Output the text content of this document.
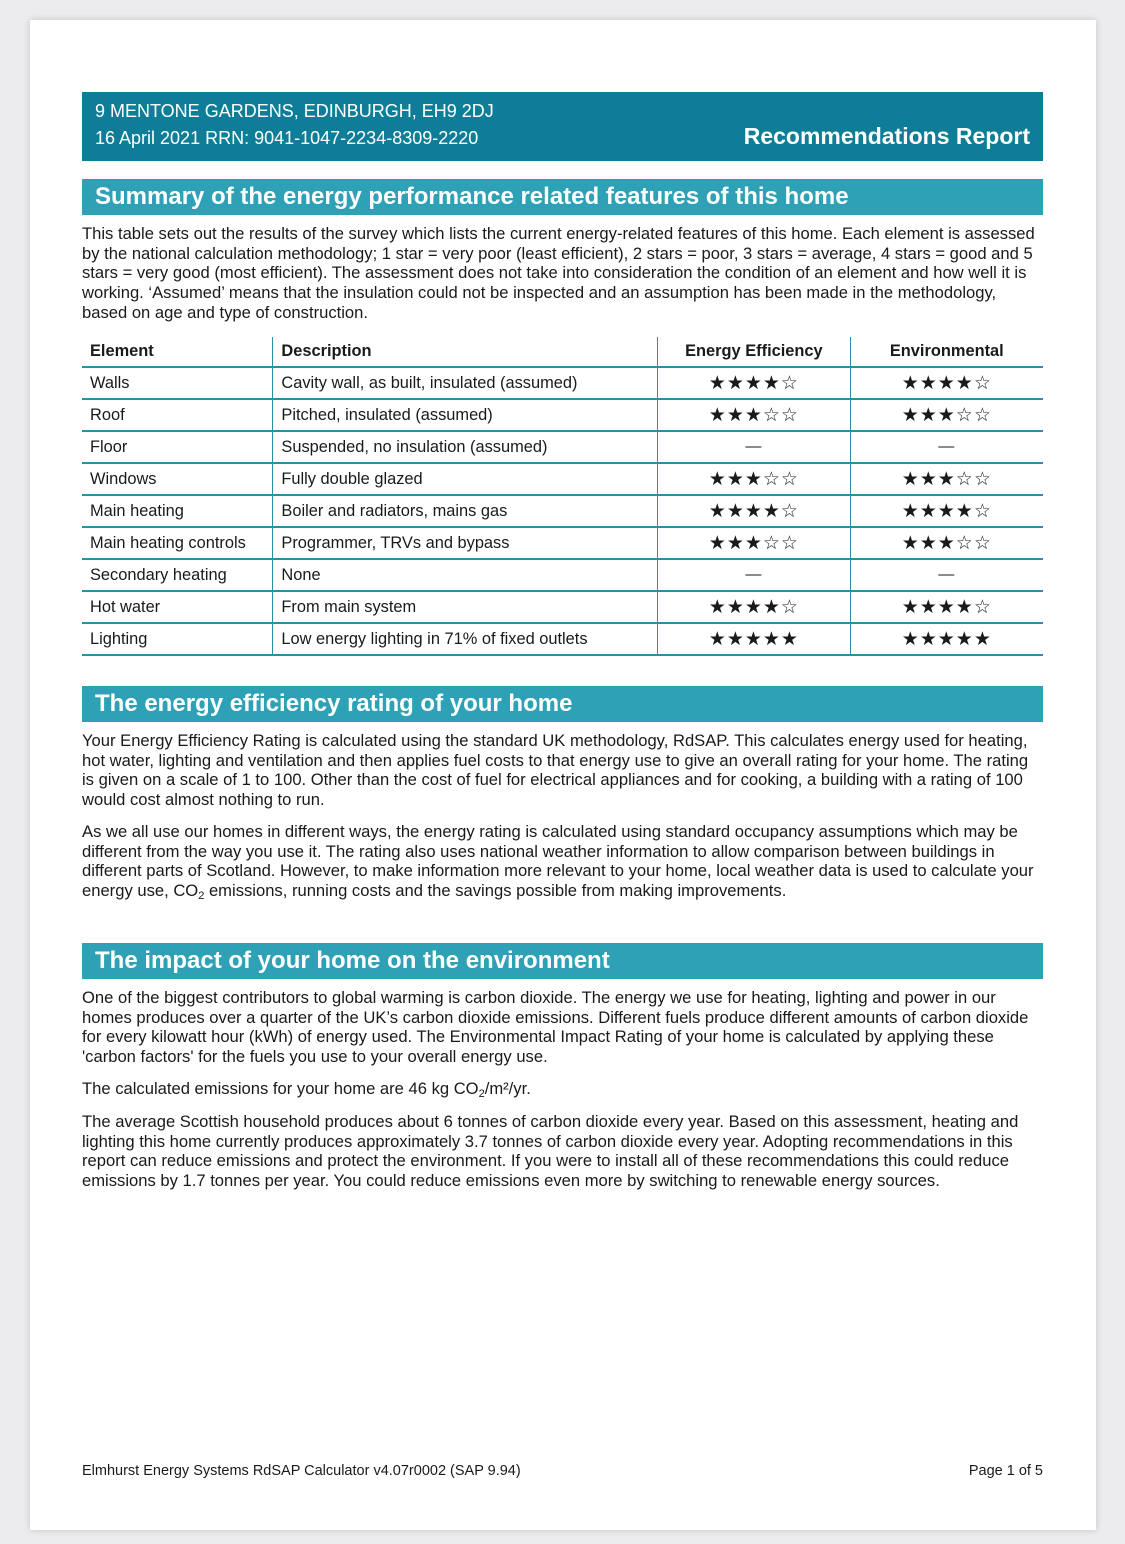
9 MENTONE GARDENS, EDINBURGH, EH9 2DJ
16 April 2021 RRN: 9041-1047-2234-8309-2220	Recommendations Report
Summary of the energy performance related features of this home

This table sets out the results of the survey which lists the current energy-related features of this home. Each element is assessed by the national calculation methodology; 1 star = very poor (least efficient), 2 stars = poor, 3 stars = average, 4 stars = good and 5 stars = very good (most efficient). The assessment does not take into consideration the condition of an element and how well it is working. ‘Assumed’ means that the insulation could not be inspected and an assumption has been made in the methodology, based on age and type of construction.

Element	Description	Energy Efficiency	Environmental
Walls	Cavity wall, as built, insulated (assumed)	★★★★☆	★★★★☆
Roof	Pitched, insulated (assumed)	★★★☆☆	★★★☆☆
Floor	Suspended, no insulation (assumed)	—	—
Windows	Fully double glazed	★★★☆☆	★★★☆☆
Main heating	Boiler and radiators, mains gas	★★★★☆	★★★★☆
Main heating controls	Programmer, TRVs and bypass	★★★☆☆	★★★☆☆
Secondary heating	None	—	—
Hot water	From main system	★★★★☆	★★★★☆
Lighting	Low energy lighting in 71% of fixed outlets	★★★★★	★★★★★
The energy efficiency rating of your home

Your Energy Efficiency Rating is calculated using the standard UK methodology, RdSAP. This calculates energy used for heating, hot water, lighting and ventilation and then applies fuel costs to that energy use to give an overall rating for your home. The rating is given on a scale of 1 to 100. Other than the cost of fuel for electrical appliances and for cooking, a building with a rating of 100 would cost almost nothing to run.

As we all use our homes in different ways, the energy rating is calculated using standard occupancy assumptions which may be different from the way you use it. The rating also uses national weather information to allow comparison between buildings in different parts of Scotland. However, to make information more relevant to your home, local weather data is used to calculate your energy use, $CO_2$ emissions, running costs and the savings possible from making improvements.

The impact of your home on the environment

One of the biggest contributors to global warming is carbon dioxide. The energy we use for heating, lighting and power in our homes produces over a quarter of the UK’s carbon dioxide emissions. Different fuels produce different amounts of carbon dioxide for every kilowatt hour (kWh) of energy used. The Environmental Impact Rating of your home is calculated by applying these 'carbon factors' for the fuels you use to your overall energy use.

The calculated emissions for your home are 46 kg $CO_2/m^2/yr$.

The average Scottish household produces about 6 tonnes of carbon dioxide every year. Based on this assessment, heating and lighting this home currently produces approximately 3.7 tonnes of carbon dioxide every year. Adopting recommendations in this report can reduce emissions and protect the environment. If you were to install all of these recommendations this could reduce emissions by 1.7 tonnes per year. You could reduce emissions even more by switching to renewable energy sources.

Elmhurst Energy Systems RdSAP Calculator v4.07r0002 (SAP 9.94)	Page 1 of 5
